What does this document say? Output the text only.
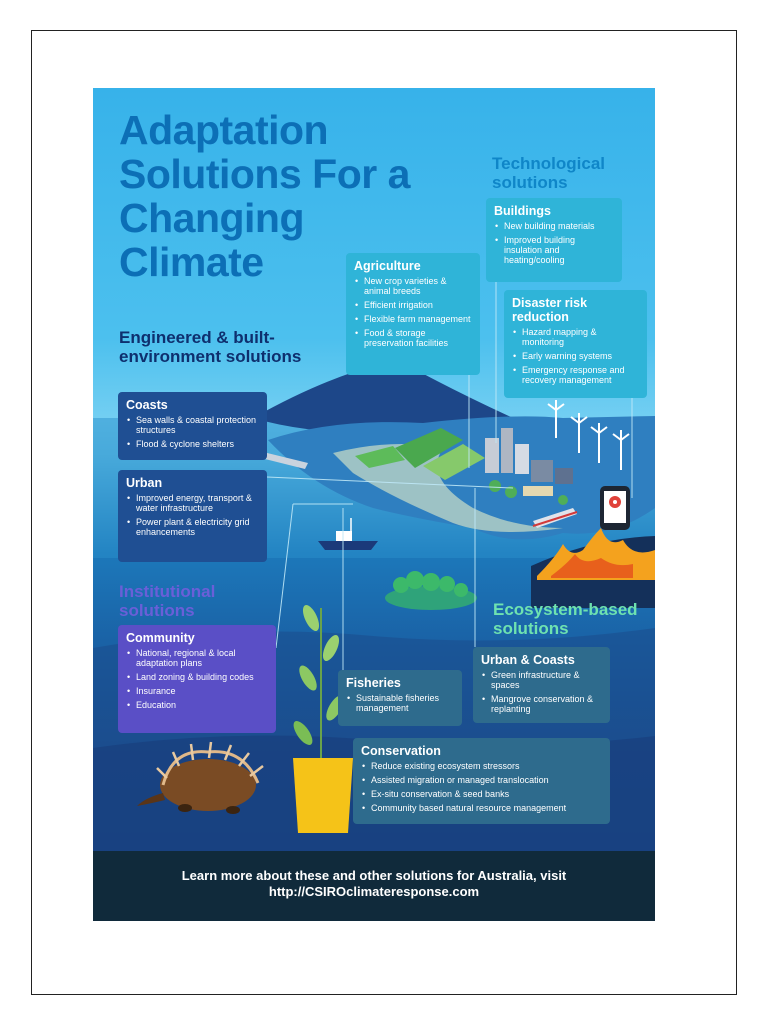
Adaptation Solutions For a Changing Climate
Technological solutions
Engineered & built-environment solutions
Institutional solutions	Ecosystem-based solutions
Buildings
• New building materials
• Improved building insulation and heating/cooling
Agriculture
• New crop varieties & animal breeds
• Efficient irrigation
• Flexible farm management
• Food & storage preservation facilities
Disaster risk reduction
• Hazard mapping & monitoring
• Early warning systems
• Emergency response and recovery management
Coasts
• Sea walls & coastal protection structures
• Flood & cyclone shelters
Urban
• Improved energy, transport & water infrastructure
• Power plant & electricity grid enhancements
Community
• National, regional & local adaptation plans
• Land zoning & building codes
• Insurance
• Education
Urban & Coasts
• Green infrastructure & spaces
• Mangrove conservation & replanting
Fisheries
• Sustainable fisheries management
Conservation
• Reduce existing ecosystem stressors
• Assisted migration or managed translocation
• Ex-situ conservation & seed banks
• Community based natural resource management
Learn more about these and other solutions for Australia, visit
http://CSIROclimateresponse.com
